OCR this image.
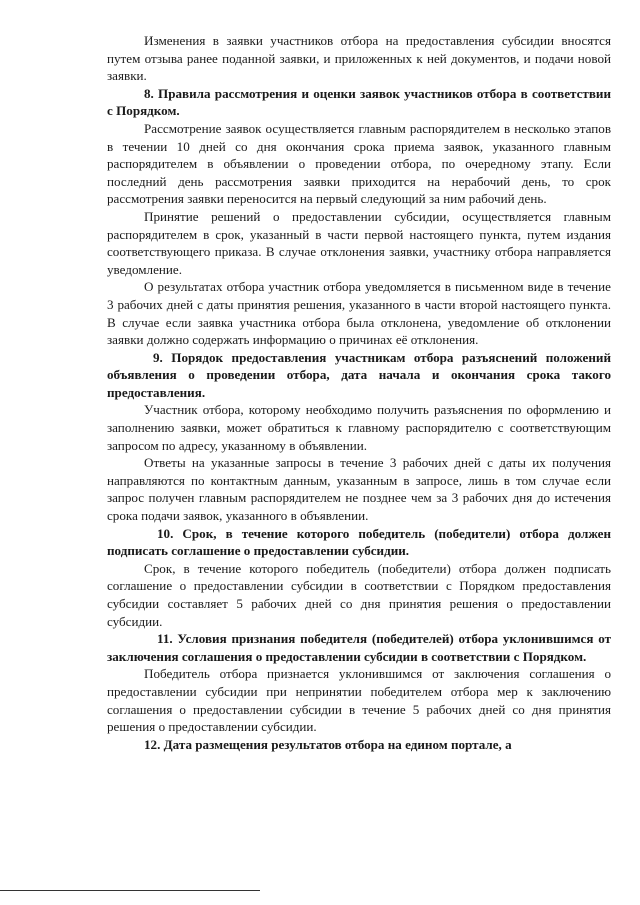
Изменения в заявки участников отбора на предоставления субсидии вносятся путем отзыва ранее поданной заявки, и приложенных к ней документов, и подачи новой заявки.

8. Правила рассмотрения и оценки заявок участников отбора в соответствии с Порядком.

Рассмотрение заявок осуществляется главным распорядителем в несколько этапов в течении 10 дней со дня окончания срока приема заявок, указанного главным распорядителем в объявлении о проведении отбора, по очередному этапу. Если последний день рассмотрения заявки приходится на нерабочий день, то срок рассмотрения заявки переносится на первый следующий за ним рабочий день.

Принятие решений о предоставлении субсидии, осуществляется главным распорядителем в срок, указанный в части первой настоящего пункта, путем издания соответствующего приказа. В случае отклонения заявки, участнику отбора направляется уведомление.

О результатах отбора участник отбора уведомляется в письменном виде в течение 3 рабочих дней с даты принятия решения, указанного в части второй настоящего пункта. В случае если заявка участника отбора была отклонена, уведомление об отклонении заявки должно содержать информацию о причинах её отклонения.

9. Порядок предоставления участникам отбора разъяснений положений объявления о проведении отбора, дата начала и окончания срока такого предоставления.

Участник отбора, которому необходимо получить разъяснения по оформлению и заполнению заявки, может обратиться к главному распорядителю с соответствующим запросом по адресу, указанному в объявлении.

Ответы на указанные запросы в течение 3 рабочих дней с даты их получения направляются по контактным данным, указанным в запросе, лишь в том случае если запрос получен главным распорядителем не позднее чем за 3 рабочих дня до истечения срока подачи заявок, указанного в объявлении.

10. Срок, в течение которого победитель (победители) отбора должен подписать соглашение о предоставлении субсидии.

Срок, в течение которого победитель (победители) отбора должен подписать соглашение о предоставлении субсидии в соответствии с Порядком предоставления субсидии составляет 5 рабочих дней со дня принятия решения о предоставлении субсидии.

11. Условия признания победителя (победителей) отбора уклонившимся от заключения соглашения о предоставлении субсидии в соответствии с Порядком.

Победитель отбора признается уклонившимся от заключения соглашения о предоставлении субсидии при непринятии победителем отбора мер к заключению соглашения о предоставлении субсидии в течение 5 рабочих дней со дня принятия решения о предоставлении субсидии.

12. Дата размещения результатов отбора на едином портале, а
